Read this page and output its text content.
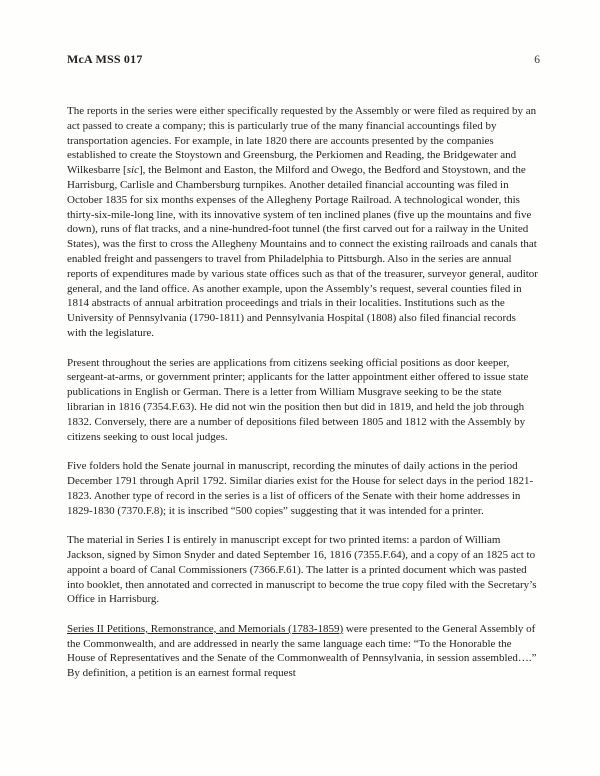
McA MSS 017	6

The reports in the series were either specifically requested by the Assembly or were filed as required by an act passed to create a company; this is particularly true of the many financial accountings filed by transportation agencies. For example, in late 1820 there are accounts presented by the companies established to create the Stoystown and Greensburg, the Perkiomen and Reading, the Bridgewater and Wilkesbarre [sic], the Belmont and Easton, the Milford and Owego, the Bedford and Stoystown, and the Harrisburg, Carlisle and Chambersburg turnpikes. Another detailed financial accounting was filed in October 1835 for six months expenses of the Allegheny Portage Railroad. A technological wonder, this thirty-six-mile-long line, with its innovative system of ten inclined planes (five up the mountains and five down), runs of flat tracks, and a nine-hundred-foot tunnel (the first carved out for a railway in the United States), was the first to cross the Allegheny Mountains and to connect the existing railroads and canals that enabled freight and passengers to travel from Philadelphia to Pittsburgh. Also in the series are annual reports of expenditures made by various state offices such as that of the treasurer, surveyor general, auditor general, and the land office. As another example, upon the Assembly’s request, several counties filed in 1814 abstracts of annual arbitration proceedings and trials in their localities. Institutions such as the University of Pennsylvania (1790-1811) and Pennsylvania Hospital (1808) also filed financial records with the legislature.

Present throughout the series are applications from citizens seeking official positions as door keeper, sergeant-at-arms, or government printer; applicants for the latter appointment either offered to issue state publications in English or German. There is a letter from William Musgrave seeking to be the state librarian in 1816 (7354.F.63). He did not win the position then but did in 1819, and held the job through 1832. Conversely, there are a number of depositions filed between 1805 and 1812 with the Assembly by citizens seeking to oust local judges.

Five folders hold the Senate journal in manuscript, recording the minutes of daily actions in the period December 1791 through April 1792. Similar diaries exist for the House for select days in the period 1821-1823. Another type of record in the series is a list of officers of the Senate with their home addresses in 1829-1830 (7370.F.8); it is inscribed “500 copies” suggesting that it was intended for a printer.

The material in Series I is entirely in manuscript except for two printed items: a pardon of William Jackson, signed by Simon Snyder and dated September 16, 1816 (7355.F.64), and a copy of an 1825 act to appoint a board of Canal Commissioners (7366.F.61). The latter is a printed document which was pasted into booklet, then annotated and corrected in manuscript to become the true copy filed with the Secretary’s Office in Harrisburg.

Series II Petitions, Remonstrance, and Memorials (1783-1859) were presented to the General Assembly of the Commonwealth, and are addressed in nearly the same language each time: “To the Honorable the House of Representatives and the Senate of the Commonwealth of Pennsylvania, in session assembled….” By definition, a petition is an earnest formal request
